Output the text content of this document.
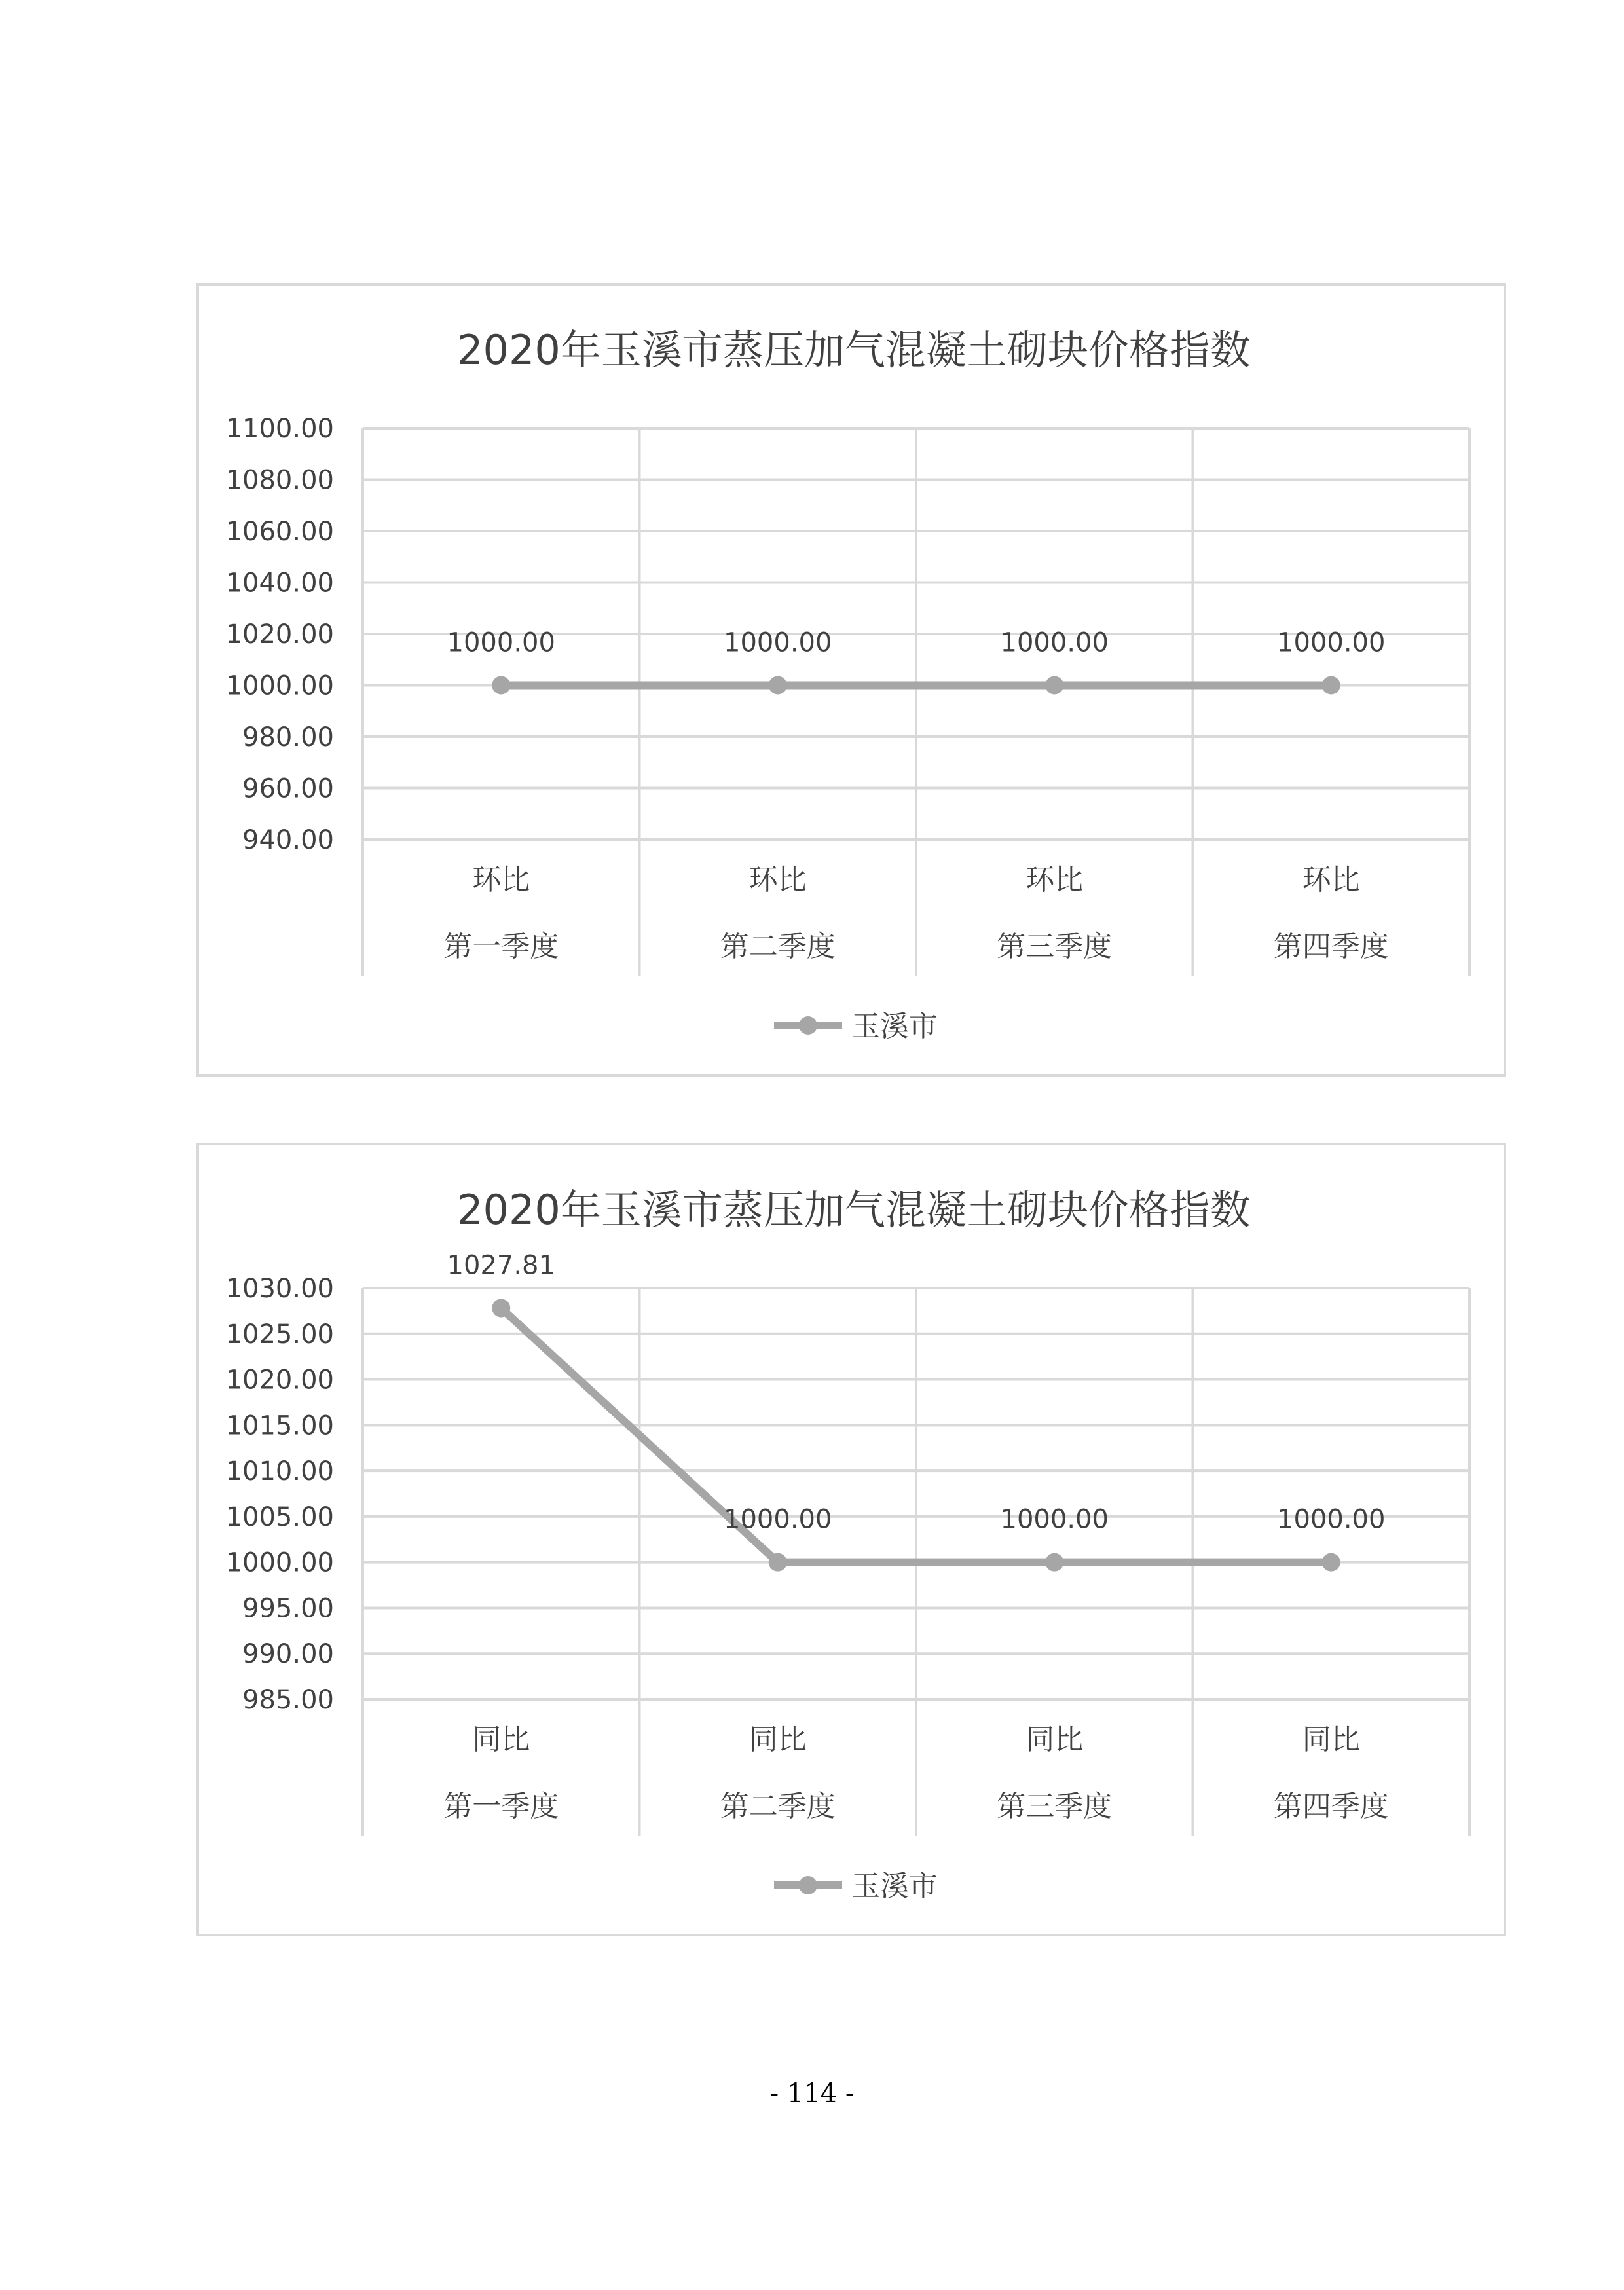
2020年玉溪市蒸压加气混凝土砌块价格指数
1100.00
1080.00
1060.00
1040.00
1020.00
1000.00
980.00
960.00
940.00
环比
第一季度
环比
第二季度
环比
第三季度
环比
第四季度
1000.00	1000.00	1000.00	1000.00
玉溪市
2020年玉溪市蒸压加气混凝土砌块价格指数
1030.00
1025.00
1020.00
1015.00
1010.00
1005.00
1000.00
995.00
990.00
985.00
同比
第一季度
同比
第二季度
同比
第三季度
同比
第四季度
1027.81
1000.00	1000.00	1000.00
玉溪市
- 114 -
